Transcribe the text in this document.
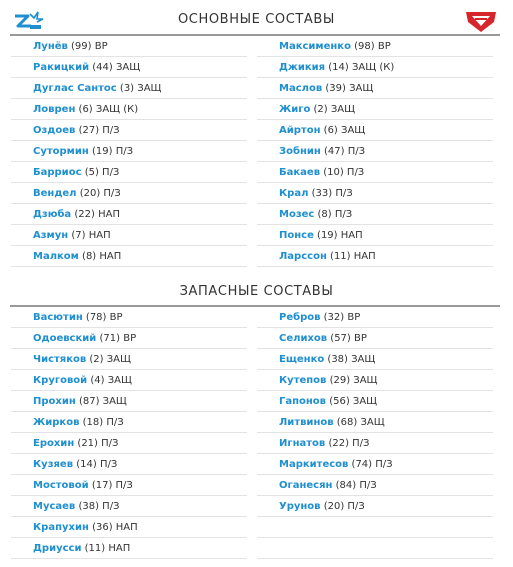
ОСНОВНЫЕ СОСТАВЫ
Лунёв (99) ВР
Ракицкий (44) ЗАЩ
Дуглас Сантос (3) ЗАЩ
Ловрен (6) ЗАЩ (К)
Оздоев (27) П/З
Сутормин (19) П/З
Барриос (5) П/З
Вендел (20) П/З
Дзюба (22) НАП
Азмун (7) НАП
Малком (8) НАП
Максименко (98) ВР
Джикия (14) ЗАЩ (К)
Маслов (39) ЗАЩ
Жиго (2) ЗАЩ
Айртон (6) ЗАЩ
Зобнин (47) П/З
Бакаев (10) П/З
Крал (33) П/З
Мозес (8) П/З
Понсе (19) НАП
Ларссон (11) НАП
ЗАПАСНЫЕ СОСТАВЫ
Васютин (78) ВР
Одоевский (71) ВР
Чистяков (2) ЗАЩ
Круговой (4) ЗАЩ
Прохин (87) ЗАЩ
Жирков (18) П/З
Ерохин (21) П/З
Кузяев (14) П/З
Мостовой (17) П/З
Мусаев (38) П/З
Крапухин (36) НАП
Дриусси (11) НАП
Ребров (32) ВР
Селихов (57) ВР
Ещенко (38) ЗАЩ
Кутепов (29) ЗАЩ
Гапонов (56) ЗАЩ
Литвинов (68) ЗАЩ
Игнатов (22) П/З
Маркитесов (74) П/З
Оганесян (84) П/З
Урунов (20) П/З
